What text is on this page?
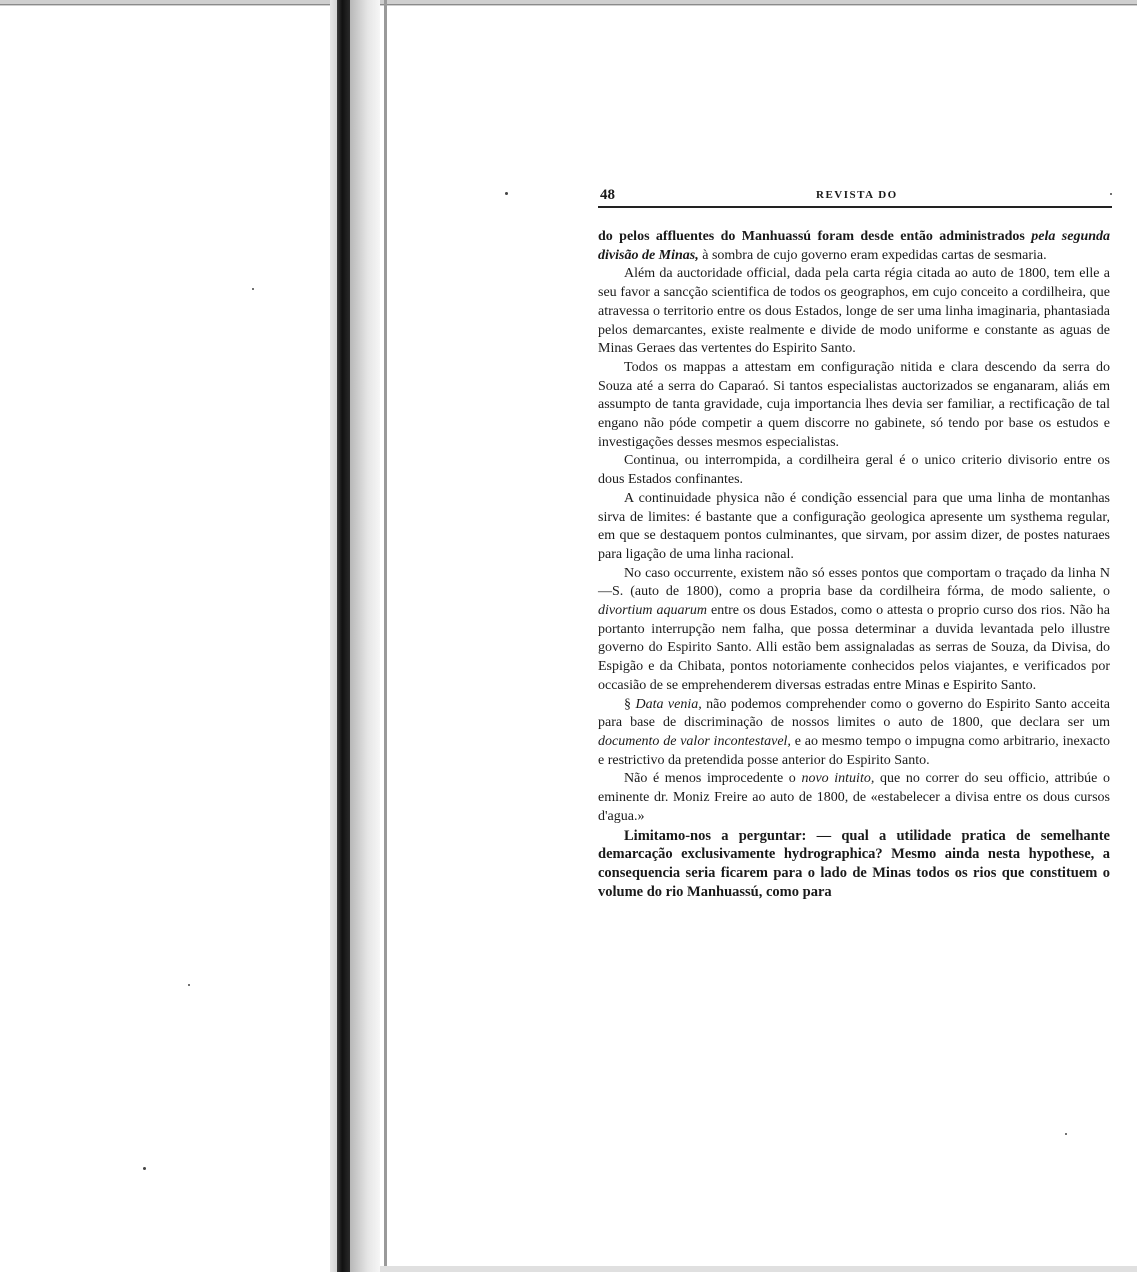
48	REVISTA DO

do pelos affluentes do Manhuassú foram desde então administrados pela segunda divisão de Minas, à sombra de cujo governo eram expedidas cartas de sesmaria.

Além da auctoridade official, dada pela carta régia citada ao auto de 1800, tem elle a seu favor a sancção scientifica de todos os geographos, em cujo conceito a cordilheira, que atravessa o territorio entre os dous Estados, longe de ser uma linha imaginaria, phantasiada pelos demarcantes, existe realmente e divide de modo uniforme e constante as aguas de Minas Geraes das vertentes do Espirito Santo.

Todos os mappas a attestam em configuração nitida e clara descendo da serra do Souza até a serra do Caparaó. Si tantos especialistas auctorizados se enganaram, aliás em assumpto de tanta gravidade, cuja importancia lhes devia ser familiar, a rectificação de tal engano não póde competir a quem discorre no gabinete, só tendo por base os estudos e investigações desses mesmos especialistas.

Continua, ou interrompida, a cordilheira geral é o unico criterio divisorio entre os dous Estados confinantes.

A continuidade physica não é condição essencial para que uma linha de montanhas sirva de limites: é bastante que a configuração geologica apresente um systhema regular, em que se destaquem pontos culminantes, que sirvam, por assim dizer, de postes naturaes para ligação de uma linha racional.

No caso occurrente, existem não só esses pontos que comportam o traçado da linha N—S. (auto de 1800), como a propria base da cordilheira fórma, de modo saliente, o divortium aquarum entre os dous Estados, como o attesta o proprio curso dos rios. Não ha portanto interrupção nem falha, que possa determinar a duvida levantada pelo illustre governo do Espirito Santo. Alli estão bem assignaladas as serras de Souza, da Divisa, do Espigão e da Chibata, pontos notoriamente conhecidos pelos viajantes, e verificados por occasião de se emprehenderem diversas estradas entre Minas e Espirito Santo.

§ Data venia, não podemos comprehender como o governo do Espirito Santo acceita para base de discriminação de nossos limites o auto de 1800, que declara ser um documento de valor incontestavel, e ao mesmo tempo o impugna como arbitrario, inexacto e restrictivo da pretendida posse anterior do Espirito Santo.

Não é menos improcedente o novo intuito, que no correr do seu officio, attribúe o eminente dr. Moniz Freire ao auto de 1800, de «estabelecer a divisa entre os dous cursos d'agua.»

Limitamo-nos a perguntar: — qual a utilidade pratica de semelhante demarcação exclusivamente hydrographica? Mesmo ainda nesta hypothese, a consequencia seria ficarem para o lado de Minas todos os rios que constituem o volume do rio Manhuassú, como para
